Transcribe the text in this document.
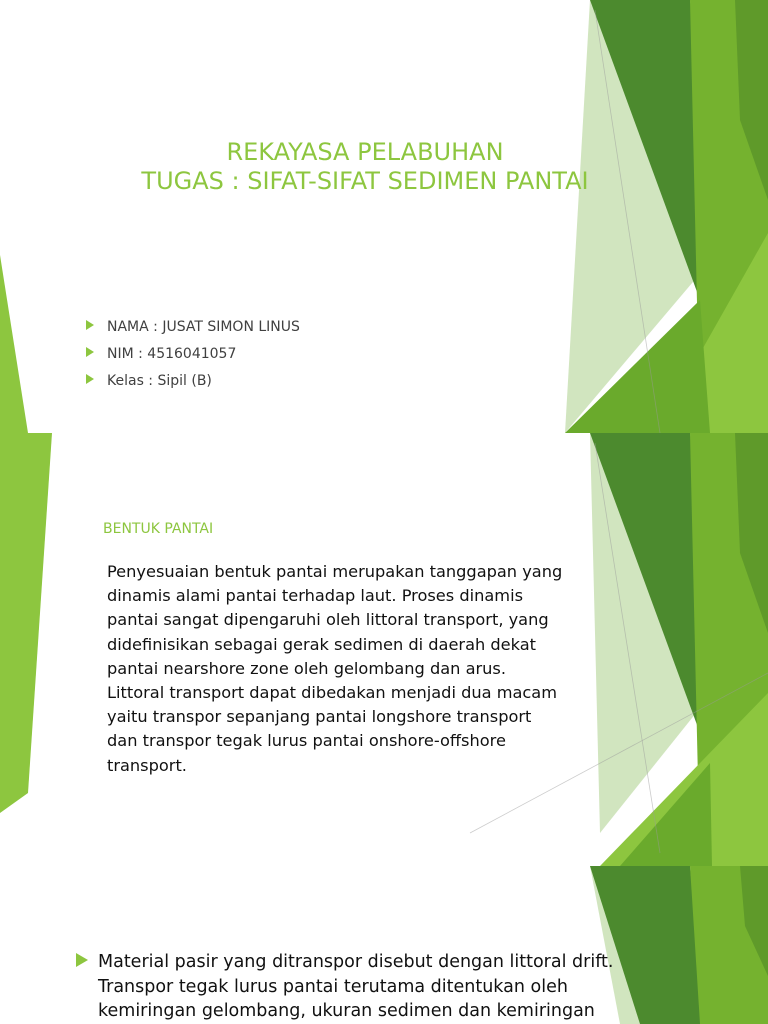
REKAYASA PELABUHAN
TUGAS : SIFAT-SIFAT SEDIMEN PANTAI
NAMA : JUSAT SIMON LINUS
NIM : 4516041057
Kelas : Sipil (B)
BENTUK PANTAI

Penyesuaian bentuk pantai merupakan tanggapan yang
dinamis alami pantai terhadap laut. Proses dinamis
pantai sangat dipengaruhi oleh littoral transport, yang
didefinisikan sebagai gerak sedimen di daerah dekat
pantai nearshore zone oleh gelombang dan arus.
Littoral transport dapat dibedakan menjadi dua macam
yaitu transpor sepanjang pantai longshore transport
dan transpor tegak lurus pantai onshore-offshore
transport.

Material pasir yang ditranspor disebut dengan littoral drift.
Transpor tegak lurus pantai terutama ditentukan oleh
kemiringan gelombang, ukuran sedimen dan kemiringan
